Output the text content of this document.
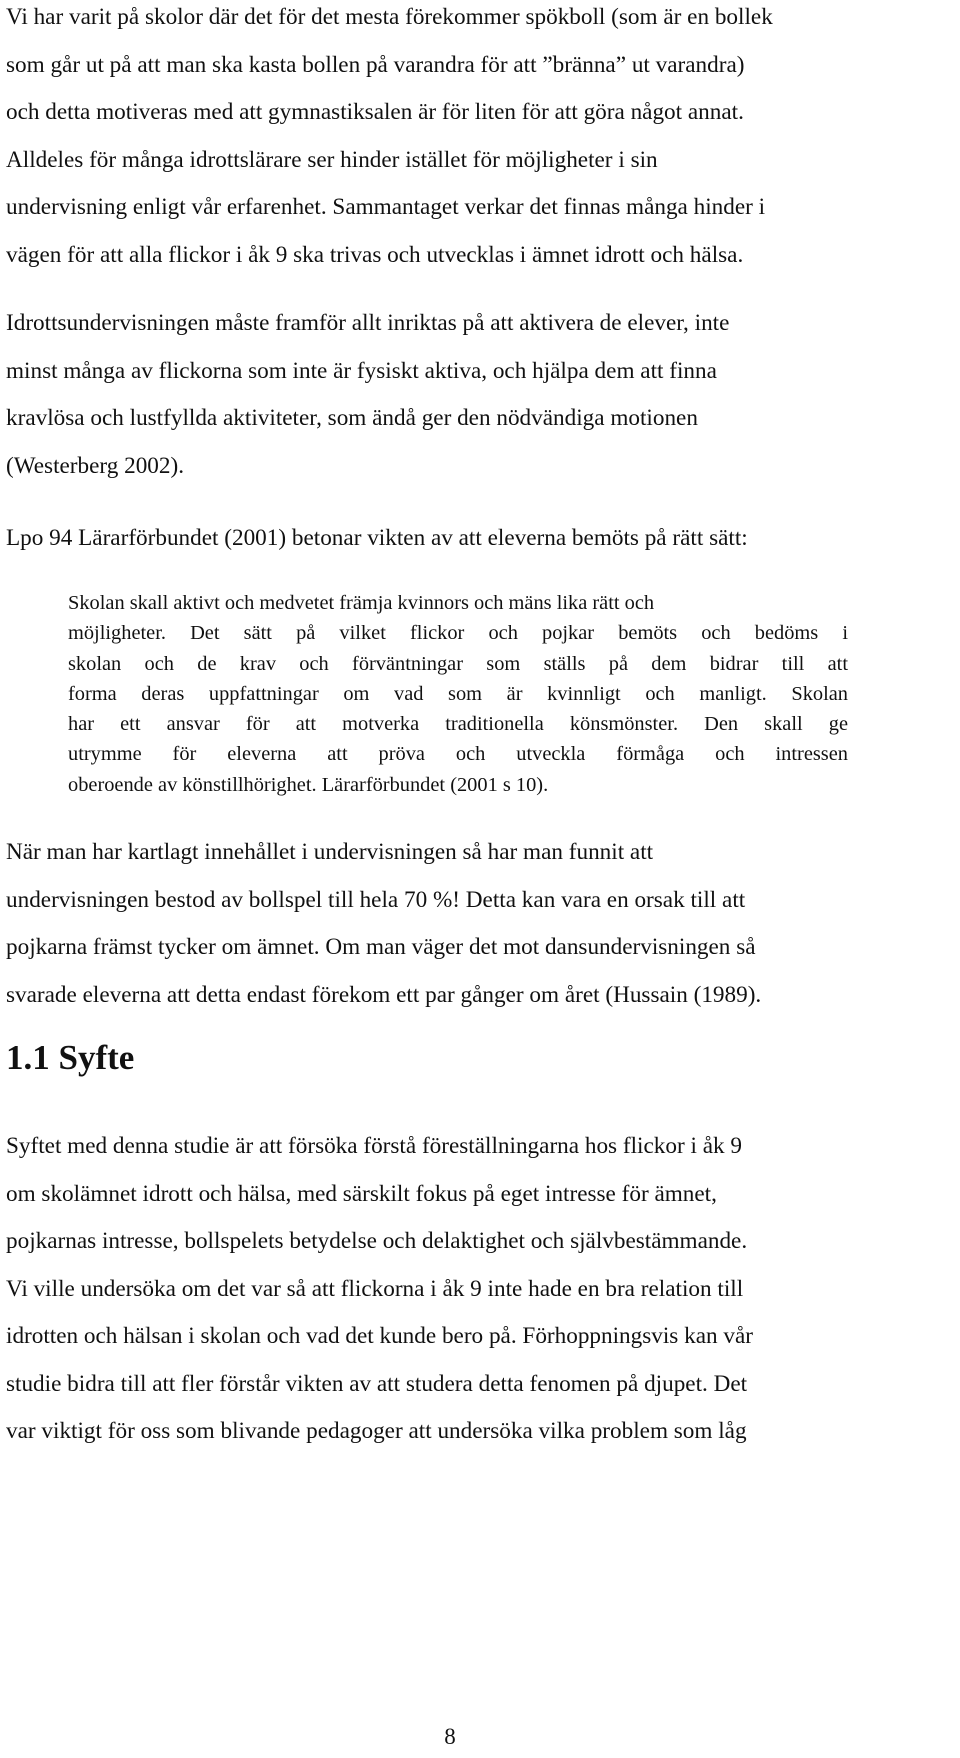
Vi har varit på skolor där det för det mesta förekommer spökboll (som är en bollek
som går ut på att man ska kasta bollen på varandra för att ”bränna” ut varandra)
och detta motiveras med att gymnastiksalen är för liten för att göra något annat.
Alldeles för många idrottslärare ser hinder istället för möjligheter i sin
undervisning enligt vår erfarenhet. Sammantaget verkar det finnas många hinder i
vägen för att alla flickor i åk 9 ska trivas och utvecklas i ämnet idrott och hälsa.
Idrottsundervisningen måste framför allt inriktas på att aktivera de elever, inte
minst många av flickorna som inte är fysiskt aktiva, och hjälpa dem att finna
kravlösa och lustfyllda aktiviteter, som ändå ger den nödvändiga motionen
(Westerberg 2002).
Lpo 94 Lärarförbundet (2001) betonar vikten av att eleverna bemöts på rätt sätt:
Skolan skall aktivt och medvetet främja kvinnors och mäns lika rätt och
möjligheter. Det sätt på vilket flickor och pojkar bemöts och bedöms i
skolan och de krav och förväntningar som ställs på dem bidrar till att
forma deras uppfattningar om vad som är kvinnligt och manligt. Skolan
har ett ansvar för att motverka traditionella könsmönster. Den skall ge
utrymme för eleverna att pröva och utveckla förmåga och intressen
oberoende av könstillhörighet. Lärarförbundet (2001 s 10).
När man har kartlagt innehållet i undervisningen så har man funnit att
undervisningen bestod av bollspel till hela 70 %! Detta kan vara en orsak till att
pojkarna främst tycker om ämnet. Om man väger det mot dansundervisningen så
svarade eleverna att detta endast förekom ett par gånger om året (Hussain (1989).
1.1 Syfte
Syftet med denna studie är att försöka förstå föreställningarna hos flickor i åk 9
om skolämnet idrott och hälsa, med särskilt fokus på eget intresse för ämnet,
pojkarnas intresse, bollspelets betydelse och delaktighet och självbestämmande.
Vi ville undersöka om det var så att flickorna i åk 9 inte hade en bra relation till
idrotten och hälsan i skolan och vad det kunde bero på. Förhoppningsvis kan vår
studie bidra till att fler förstår vikten av att studera detta fenomen på djupet. Det
var viktigt för oss som blivande pedagoger att undersöka vilka problem som låg
8
